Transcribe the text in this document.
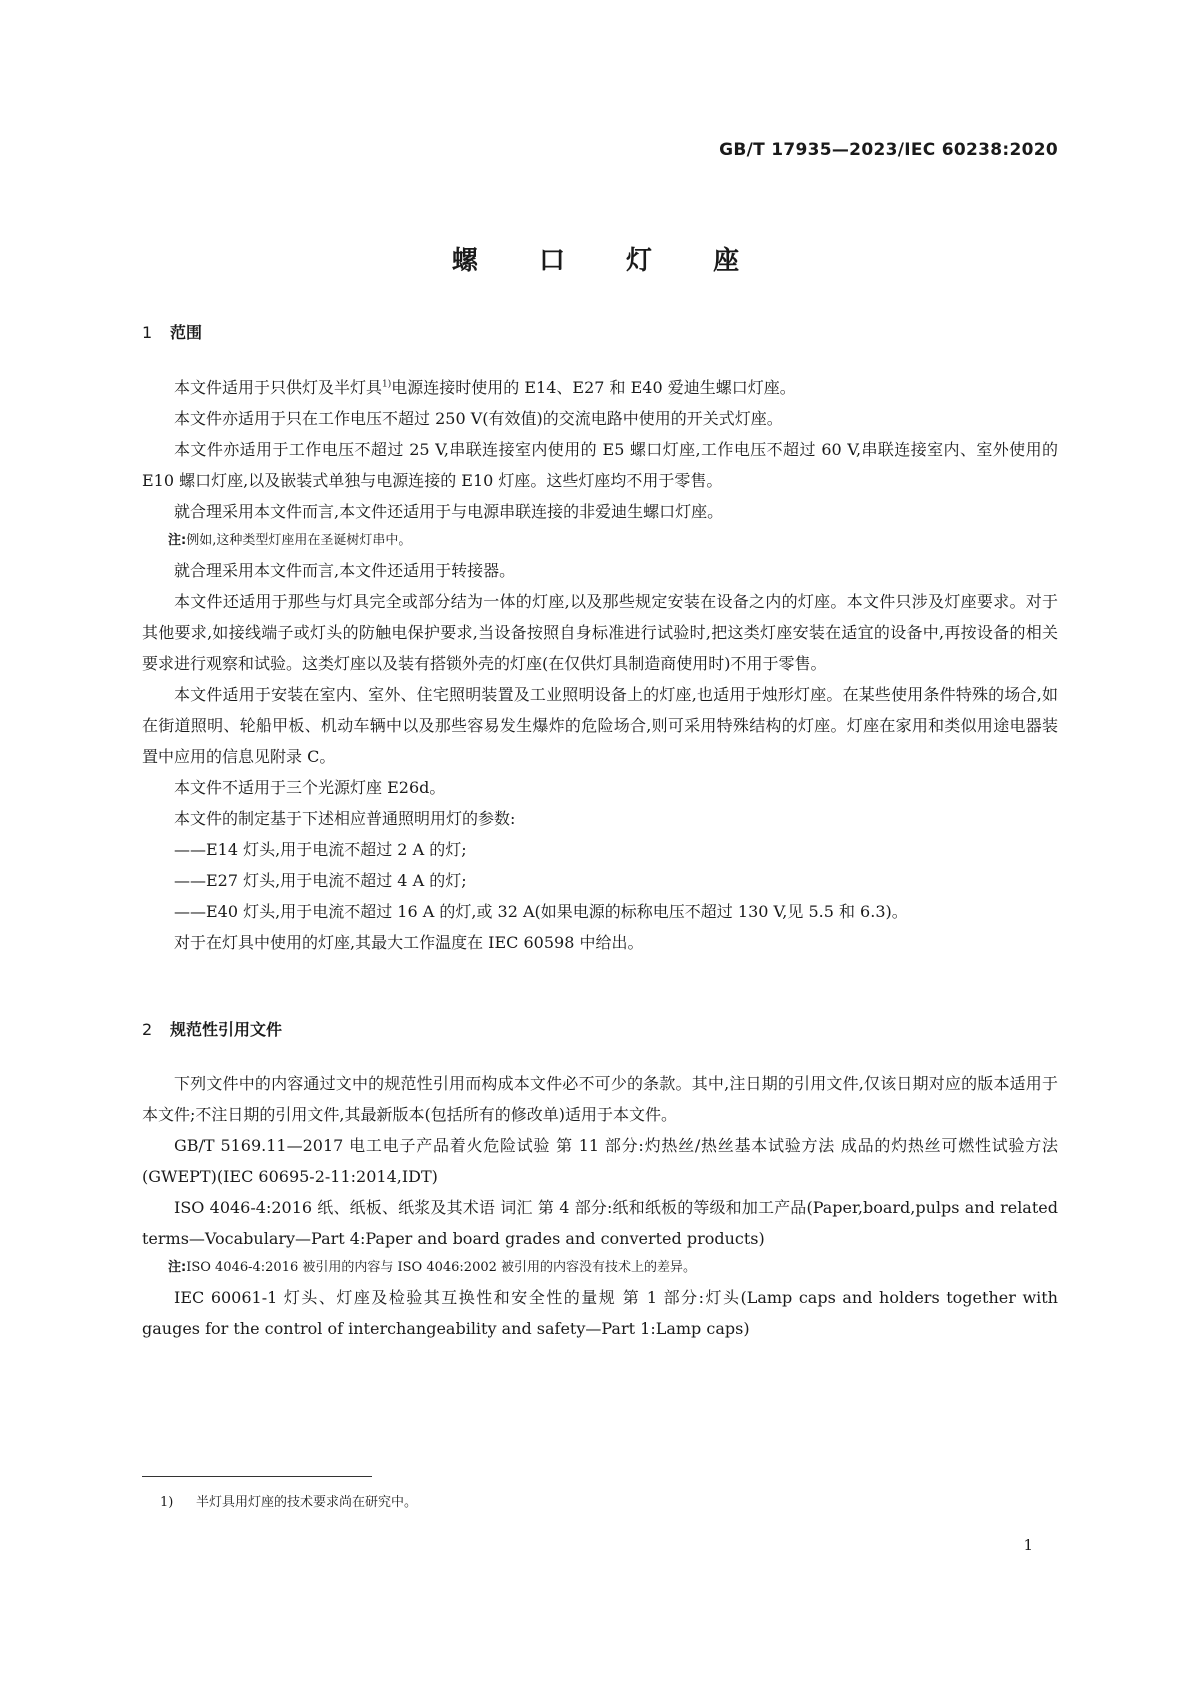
GB/T 17935—2023/IEC 60238:2020
螺 口 灯 座
1 范围

本文件适用于只供灯及半灯具$^{1)}$电源连接时使用的 E14、E27 和 E40 爱迪生螺口灯座。

本文件亦适用于只在工作电压不超过 250 V(有效值)的交流电路中使用的开关式灯座。

本文件亦适用于工作电压不超过 25 V,串联连接室内使用的 E5 螺口灯座,工作电压不超过 60 V,串联连接室内、室外使用的 E10 螺口灯座,以及嵌装式单独与电源连接的 E10 灯座。这些灯座均不用于零售。

就合理采用本文件而言,本文件还适用于与电源串联连接的非爱迪生螺口灯座。

注:例如,这种类型灯座用在圣诞树灯串中。

就合理采用本文件而言,本文件还适用于转接器。

本文件还适用于那些与灯具完全或部分结为一体的灯座,以及那些规定安装在设备之内的灯座。本文件只涉及灯座要求。对于其他要求,如接线端子或灯头的防触电保护要求,当设备按照自身标准进行试验时,把这类灯座安装在适宜的设备中,再按设备的相关要求进行观察和试验。这类灯座以及装有搭锁外壳的灯座(在仅供灯具制造商使用时)不用于零售。

本文件适用于安装在室内、室外、住宅照明装置及工业照明设备上的灯座,也适用于烛形灯座。在某些使用条件特殊的场合,如在街道照明、轮船甲板、机动车辆中以及那些容易发生爆炸的危险场合,则可采用特殊结构的灯座。灯座在家用和类似用途电器装置中应用的信息见附录 C。

本文件不适用于三个光源灯座 E26d。

本文件的制定基于下述相应普通照明用灯的参数:

——E14 灯头,用于电流不超过 2 A 的灯;

——E27 灯头,用于电流不超过 4 A 的灯;

——E40 灯头,用于电流不超过 16 A 的灯,或 32 A(如果电源的标称电压不超过 130 V,见 5.5 和 6.3)。

对于在灯具中使用的灯座,其最大工作温度在 IEC 60598 中给出。

2 规范性引用文件

下列文件中的内容通过文中的规范性引用而构成本文件必不可少的条款。其中,注日期的引用文件,仅该日期对应的版本适用于本文件;不注日期的引用文件,其最新版本(包括所有的修改单)适用于本文件。

GB/T 5169.11—2017 电工电子产品着火危险试验 第 11 部分:灼热丝/热丝基本试验方法 成品的灼热丝可燃性试验方法(GWEPT)(IEC 60695-2-11:2014,IDT)

ISO 4046-4:2016 纸、纸板、纸浆及其术语 词汇 第 4 部分:纸和纸板的等级和加工产品(Paper,board,pulps and related terms—Vocabulary—Part 4:Paper and board grades and converted products)

注:ISO 4046-4:2016 被引用的内容与 ISO 4046:2002 被引用的内容没有技术上的差异。

IEC 60061-1 灯头、灯座及检验其互换性和安全性的量规 第 1 部分:灯头(Lamp caps and holders together with gauges for the control of interchangeability and safety—Part 1:Lamp caps)

1) 半灯具用灯座的技术要求尚在研究中。
1
